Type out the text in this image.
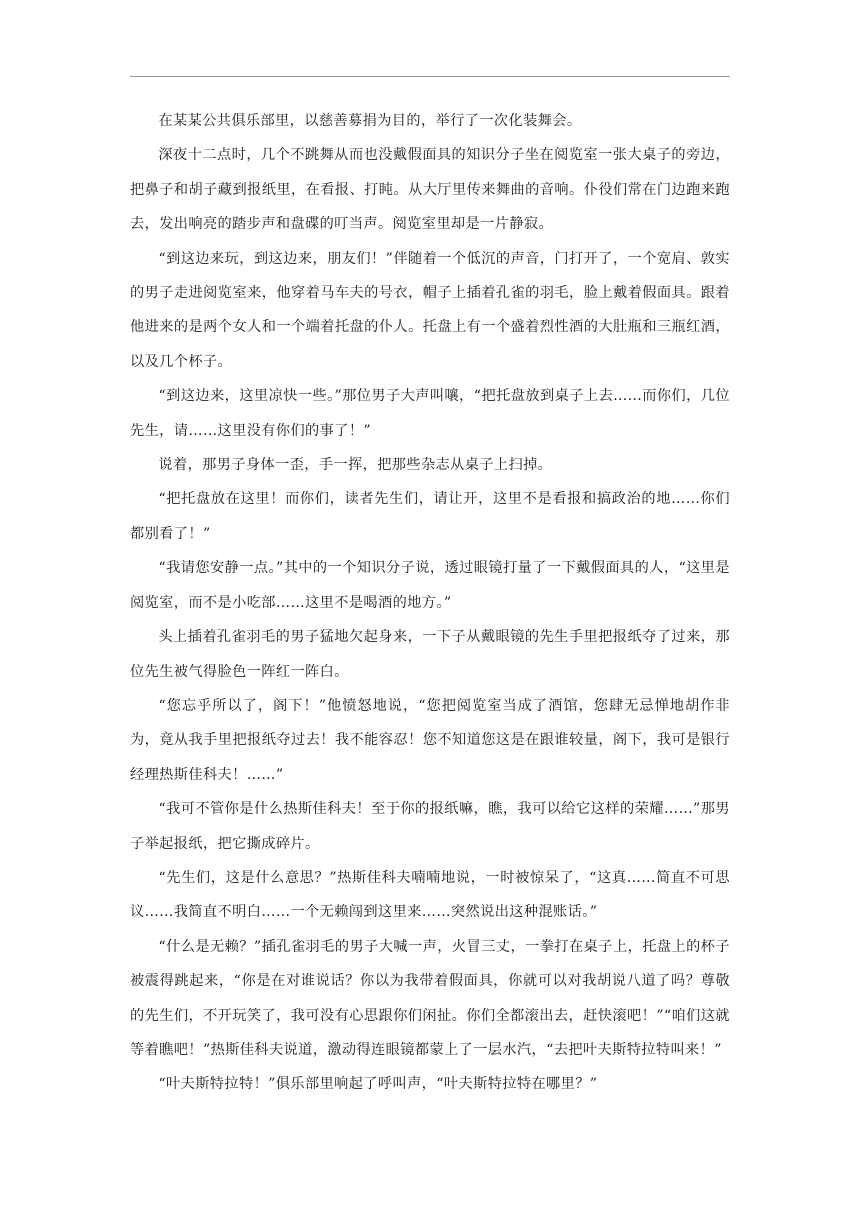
在某某公共俱乐部里，以慈善募捐为目的，举行了一次化装舞会。

深夜十二点时，几个不跳舞从而也没戴假面具的知识分子坐在阅览室一张大桌子的旁边，把鼻子和胡子藏到报纸里，在看报、打盹。从大厅里传来舞曲的音响。仆役们常在门边跑来跑去，发出响亮的踏步声和盘碟的叮当声。阅览室里却是一片静寂。

“到这边来玩，到这边来，朋友们！”伴随着一个低沉的声音，门打开了，一个宽肩、敦实的男子走进阅览室来，他穿着马车夫的号衣，帽子上插着孔雀的羽毛，脸上戴着假面具。跟着他进来的是两个女人和一个端着托盘的仆人。托盘上有一个盛着烈性酒的大肚瓶和三瓶红酒，以及几个杯子。

“到这边来，这里凉快一些。”那位男子大声叫嚷，“把托盘放到桌子上去……而你们，几位先生，请……这里没有你们的事了！”

说着，那男子身体一歪，手一挥，把那些杂志从桌子上扫掉。

“把托盘放在这里！而你们，读者先生们，请让开，这里不是看报和搞政治的地……你们都别看了！”

“我请您安静一点。”其中的一个知识分子说，透过眼镜打量了一下戴假面具的人，“这里是阅览室，而不是小吃部……这里不是喝酒的地方。”

头上插着孔雀羽毛的男子猛地欠起身来，一下子从戴眼镜的先生手里把报纸夺了过来，那位先生被气得脸色一阵红一阵白。

“您忘乎所以了，阁下！”他愤怒地说，“您把阅览室当成了酒馆，您肆无忌惮地胡作非为，竟从我手里把报纸夺过去！我不能容忍！您不知道您这是在跟谁较量，阁下，我可是银行经理热斯佳科夫！……”

“我可不管你是什么热斯佳科夫！至于你的报纸嘛，瞧，我可以给它这样的荣耀……”那男子举起报纸，把它撕成碎片。

“先生们，这是什么意思？”热斯佳科夫喃喃地说，一时被惊呆了，“这真……简直不可思议……我简直不明白……一个无赖闯到这里来……突然说出这种混账话。”

“什么是无赖？”插孔雀羽毛的男子大喊一声，火冒三丈，一拳打在桌子上，托盘上的杯子被震得跳起来，“你是在对谁说话？你以为我带着假面具，你就可以对我胡说八道了吗？尊敬的先生们，不开玩笑了，我可没有心思跟你们闲扯。你们全都滚出去，赶快滚吧！”“咱们这就等着瞧吧！”热斯佳科夫说道，激动得连眼镜都蒙上了一层水汽，“去把叶夫斯特拉特叫来！”

“叶夫斯特拉特！”俱乐部里响起了呼叫声，“叶夫斯特拉特在哪里？”
